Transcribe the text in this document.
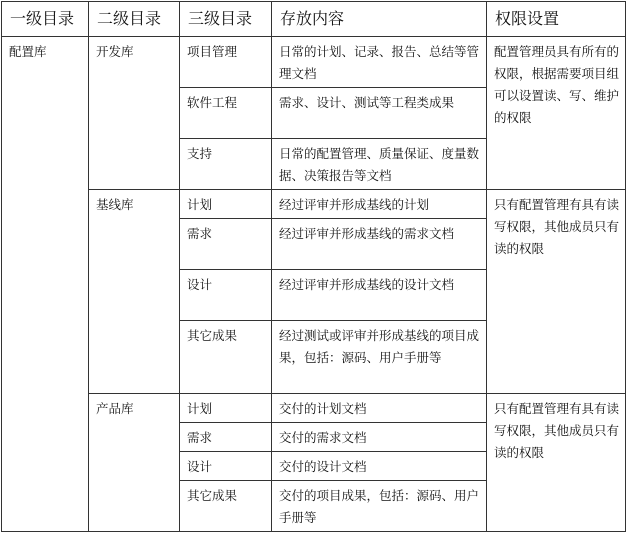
一级目录	二级目录	三级目录	存放内容	权限设置
配置库	开发库	项目管理	日常的计划、记录、报告、总结等管理文档	配置管理员具有所有的权限，根据需要项目组可以设置读、写、维护的权限
		软件工程	需求、设计、测试等工程类成果	
		支持	日常的配置管理、质量保证、度量数据、决策报告等文档	
	基线库	计划	经过评审并形成基线的计划	只有配置管理有具有读写权限，其他成员只有读的权限
		需求	经过评审并形成基线的需求文档	
		设计	经过评审并形成基线的设计文档	
		其它成果	经过测试或评审并形成基线的项目成果，包括：源码、用户手册等	
	产品库	计划	交付的计划文档	只有配置管理有具有读写权限，其他成员只有读的权限
		需求	交付的需求文档	
		设计	交付的设计文档	
		其它成果	交付的项目成果，包括：源码、用户手册等	
